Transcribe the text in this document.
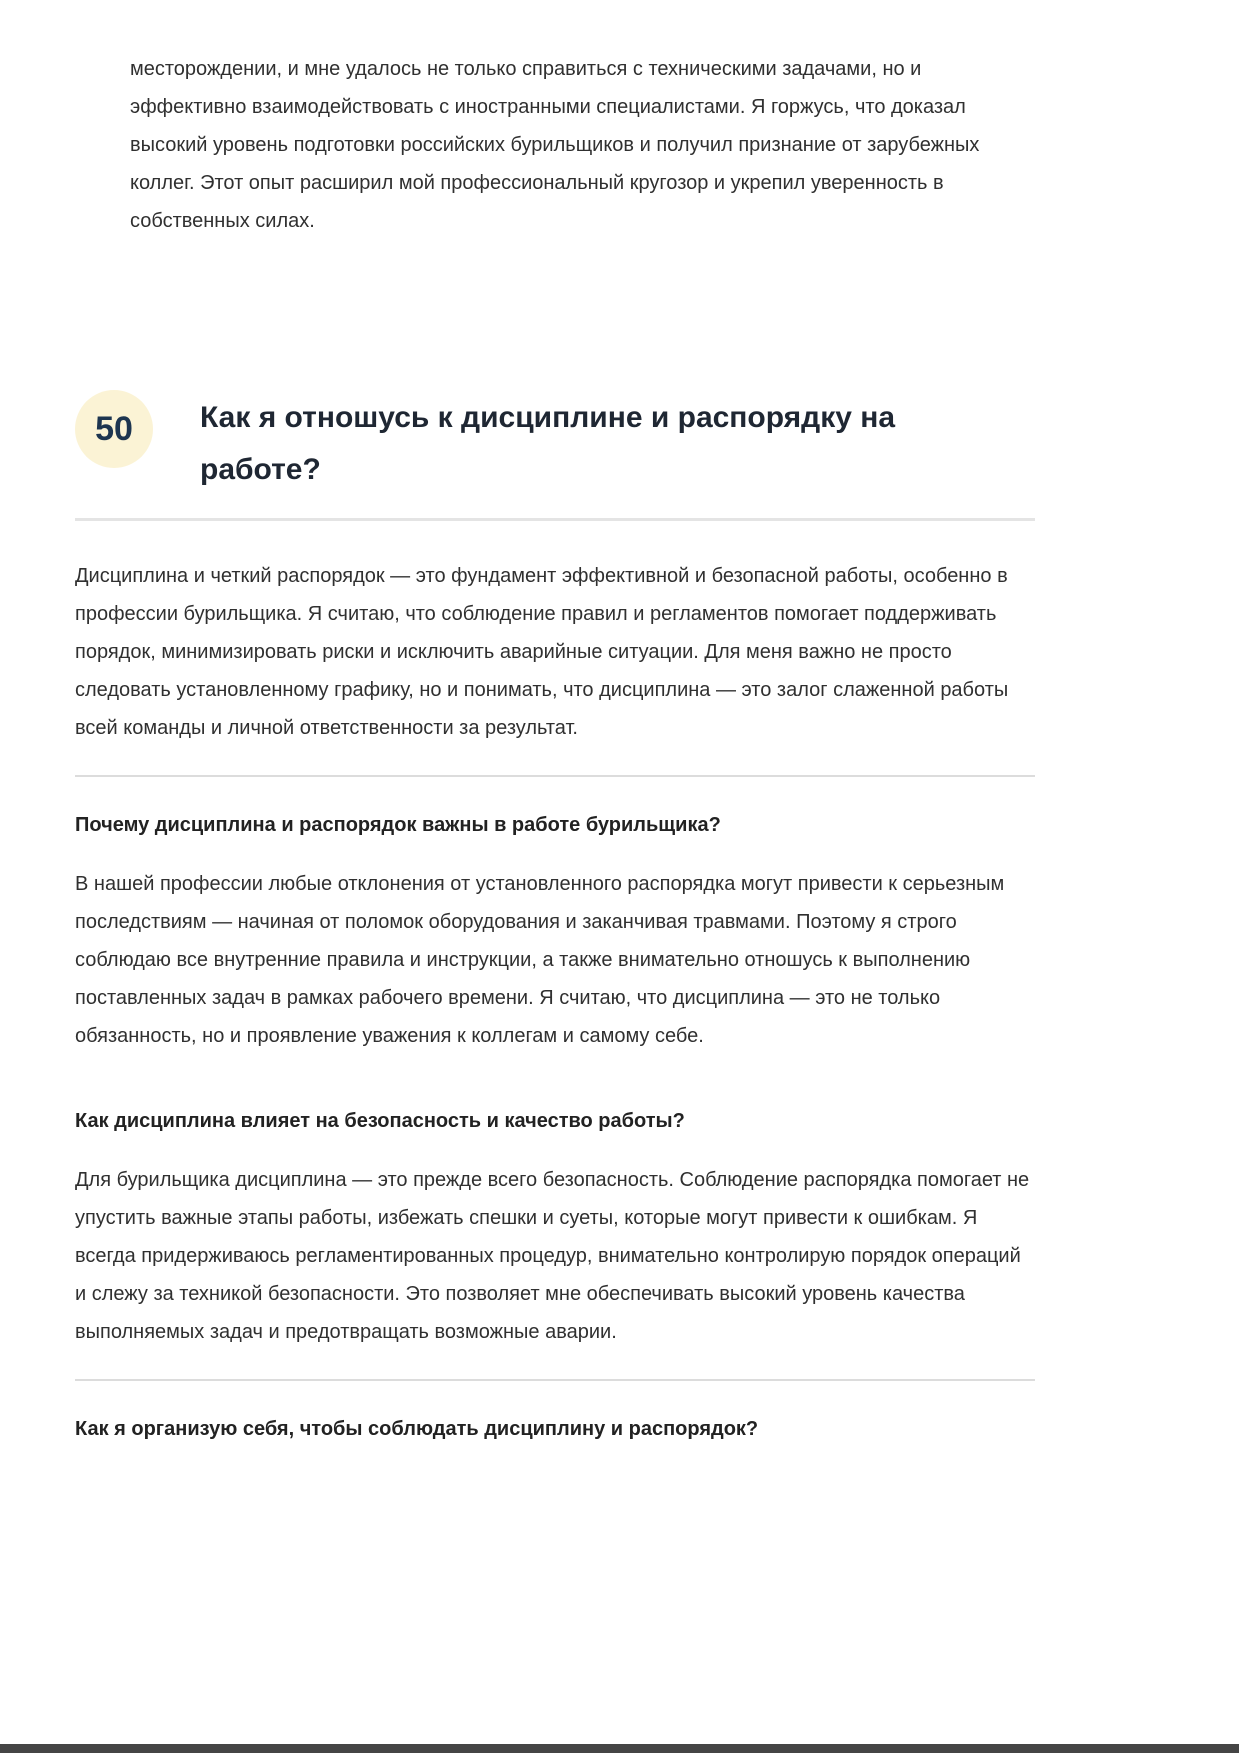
месторождении, и мне удалось не только справиться с техническими задачами, но и эффективно взаимодействовать с иностранными специалистами. Я горжусь, что доказал высокий уровень подготовки российских бурильщиков и получил признание от зарубежных коллег. Этот опыт расширил мой профессиональный кругозор и укрепил уверенность в собственных силах.

50 Как я отношусь к дисциплине и распорядку на работе?

Дисциплина и четкий распорядок — это фундамент эффективной и безопасной работы, особенно в профессии бурильщика. Я считаю, что соблюдение правил и регламентов помогает поддерживать порядок, минимизировать риски и исключить аварийные ситуации. Для меня важно не просто следовать установленному графику, но и понимать, что дисциплина — это залог слаженной работы всей команды и личной ответственности за результат.

Почему дисциплина и распорядок важны в работе бурильщика?

В нашей профессии любые отклонения от установленного распорядка могут привести к серьезным последствиям — начиная от поломок оборудования и заканчивая травмами. Поэтому я строго соблюдаю все внутренние правила и инструкции, а также внимательно отношусь к выполнению поставленных задач в рамках рабочего времени. Я считаю, что дисциплина — это не только обязанность, но и проявление уважения к коллегам и самому себе.

Как дисциплина влияет на безопасность и качество работы?

Для бурильщика дисциплина — это прежде всего безопасность. Соблюдение распорядка помогает не упустить важные этапы работы, избежать спешки и суеты, которые могут привести к ошибкам. Я всегда придерживаюсь регламентированных процедур, внимательно контролирую порядок операций и слежу за техникой безопасности. Это позволяет мне обеспечивать высокий уровень качества выполняемых задач и предотвращать возможные аварии.

Как я организую себя, чтобы соблюдать дисциплину и распорядок?
